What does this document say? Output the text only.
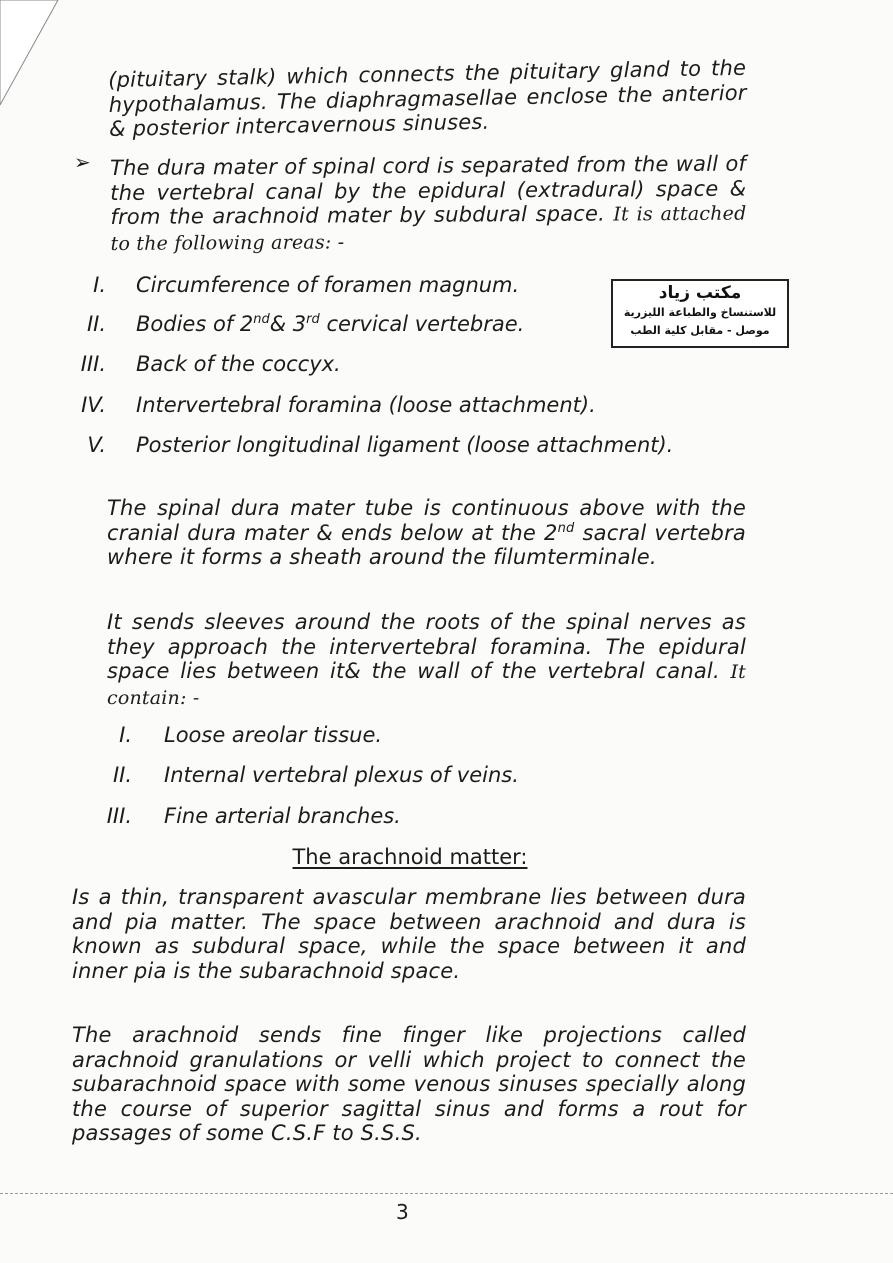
(pituitary stalk) which connects the pituitary gland to the hypothalamus. The diaphragmasellae enclose the anterior & posterior intercavernous sinuses.
➢ The dura mater of spinal cord is separated from the wall of the vertebral canal by the epidural (extradural) space & from the arachnoid mater by subdural space. It is attached to the following areas: -
I. Circumference of foramen magnum.
II. Bodies of 2nd& 3rd cervical vertebrae.
III. Back of the coccyx.
IV. Intervertebral foramina (loose attachment).
V. Posterior longitudinal ligament (loose attachment).
مكتب زياد
للاستنساخ والطباعة الليزرية
موصل - مقابل كلية الطب
The spinal dura mater tube is continuous above with the cranial dura mater & ends below at the 2nd sacral vertebra where it forms a sheath around the filumterminale.
It sends sleeves around the roots of the spinal nerves as they approach the intervertebral foramina. The epidural space lies between it& the wall of the vertebral canal. It contain: -
I. Loose areolar tissue.
II. Internal vertebral plexus of veins.
III. Fine arterial branches.
The arachnoid matter:
Is a thin, transparent avascular membrane lies between dura and pia matter. The space between arachnoid and dura is known as subdural space, while the space between it and inner pia is the subarachnoid space.
The arachnoid sends fine finger like projections called arachnoid granulations or velli which project to connect the subarachnoid space with some venous sinuses specially along the course of superior sagittal sinus and forms a rout for passages of some C.S.F to S.S.S.
3
